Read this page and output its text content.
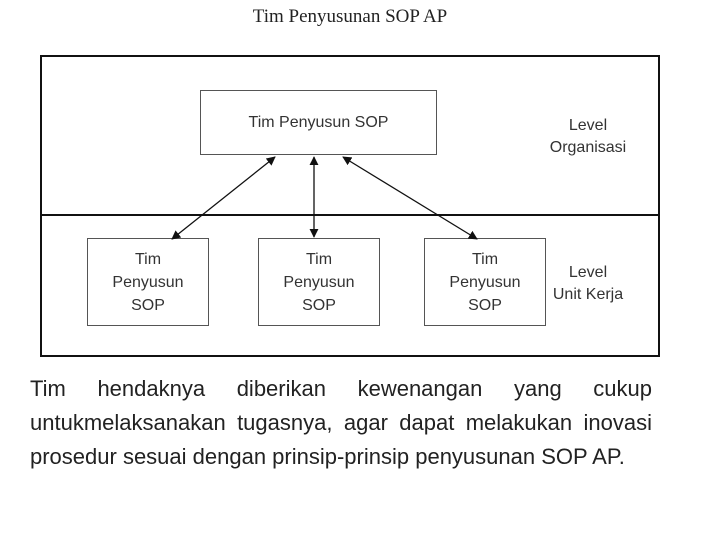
Tim Penyusunan SOP AP
Tim Penyusun SOP
Tim
Penyusun
SOP
Tim
Penyusun
SOP
Tim
Penyusun
SOP
Level
Organisasi
Level
Unit Kerja
Tim hendaknya diberikan kewenangan yang cukup untukmelaksanakan tugasnya, agar dapat melakukan inovasi prosedur sesuai dengan prinsip-prinsip penyusunan SOP AP.
